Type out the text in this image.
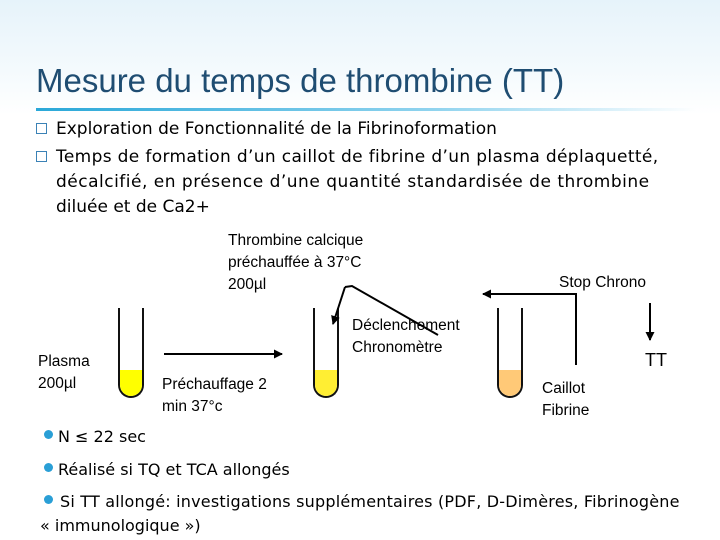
Mesure du temps de thrombine (TT)
Exploration de Fonctionnalité de la Fibrinoformation
Temps de formation d’un caillot de fibrine d’un plasma déplaquetté,
décalcifié, en présence d’une quantité standardisée de thrombine
diluée et de Ca2+
Thrombine calcique
préchauffée à 37°C
200µl	Stop Chrono
Déclenchement
Chronomètre
Plasma
200µl	Préchauffage 2
min 37°c
TT
Caillot
Fibrine
N ≤ 22 sec
Réalisé si TQ et TCA allongés
Si TT allongé: investigations supplémentaires (PDF, D-Dimères, Fibrinogène
« immunologique »)
